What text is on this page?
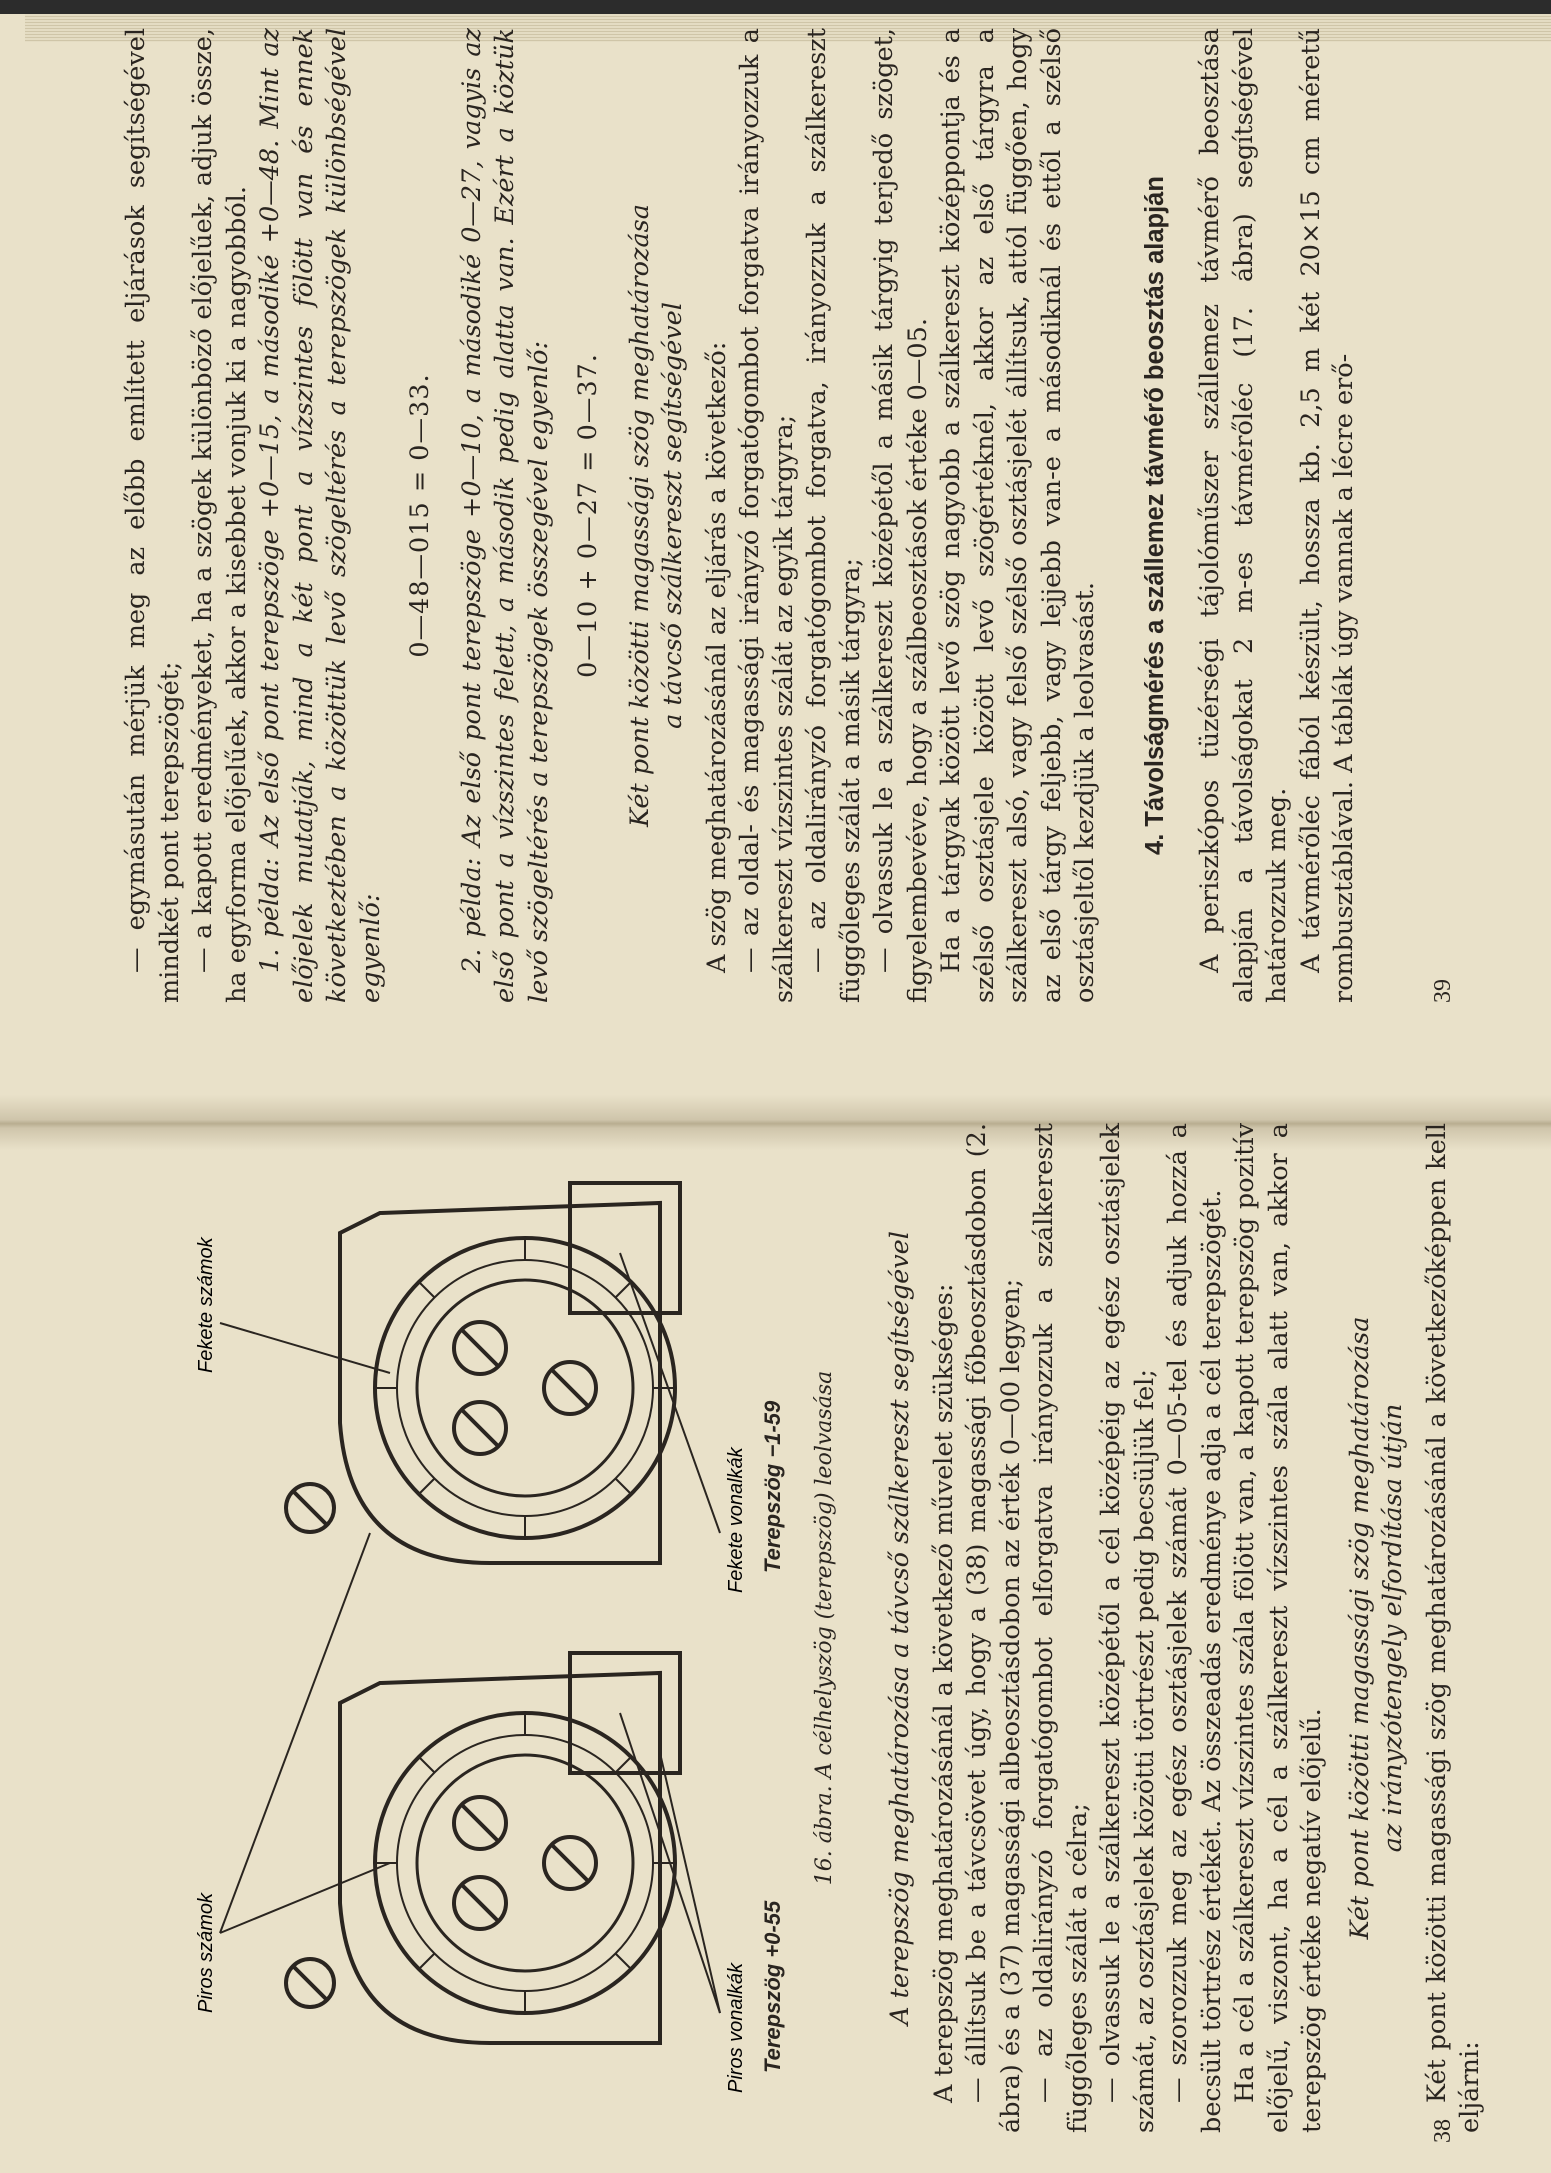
Piros számok
Fekete számok
Piros vonalkák
Fekete vonalkák
Terepszög +0-55
Terepszög −1-59 16. ábra. A célhelyszög (terepszög) leolvasása A terepszög meghatározása a távcső szálkereszt segítségével A terepszög meghatározásánál a következő művelet szükséges: — állítsuk be a távcsövet úgy, hogy a (38) magassági főbeosztásdobon (2. ábra) és a (37) magassági albeosztásdobon az érték 0—00 legyen; — az oldalirányzó forgatógombot elforgatva irányozzuk a szálkereszt függőleges szálát a célra; — olvassuk le a szálkereszt középétől a cél középéig az egész osztásjelek számát, az osztásjelek közötti törtrészt pedig becsüljük fel; — szorozzuk meg az egész osztásjelek számát 0—05-tel és adjuk hozzá a becsült törtrész értékét. Az összeadás eredménye adja a cél terepszögét. Ha a cél a szálkereszt vízszintes szála fölött van, a kapott terepszög pozitív előjelű, viszont, ha a cél a szálkereszt vízszintes szála alatt van, akkor a terepszög értéke negatív előjelű. Két pont közötti magassági szög meghatározása az irányzótengely elfordítása útján Két pont közötti magassági szög meghatározásánál a következőképpen kell eljárni:

38

— egymásután mérjük meg az előbb említett eljárások segítségével mindkét pont terepszögét; — a kapott eredményeket, ha a szögek különböző előjelűek, adjuk össze, ha egyforma előjelűek, akkor a kisebbet vonjuk ki a nagyobból. 1. példa: Az első pont terepszöge +0—15, a másodiké +0—48. Mint az előjelek mutatják, mind a két pont a vízszintes fölött van és ennek következtében a közöttük levő szögeltérés a terepszögek különbségével egyenlő:

0—48—015 = 0—33. 2. példa: Az első pont terepszöge +0—10, a másodiké 0—27, vagyis az első pont a vízszintes felett, a második pedig alatta van. Ezért a köztük levő szögeltérés a terepszögek összegével egyenlő: 0—10 + 0—27 = 0—37. Két pont közötti magassági szög meghatározása a távcső szálkereszt segítségével A szög meghatározásánál az eljárás a következő: — az oldal- és magassági irányzó forgatógombot forgatva irányozzuk a szálkereszt vízszintes szálát az egyik tárgyra; — az oldalirányzó forgatógombot forgatva, irányozzuk a szálkereszt függőleges szálát a másik tárgyra; — olvassuk le a szálkereszt középétől a másik tárgyig terjedő szöget, figyelembevéve, hogy a szálbeosztások értéke 0—05. Ha a tárgyak között levő szög nagyobb a szálkereszt középpontja és a szélső osztásjele között levő szögértéknél, akkor az első tárgyra a szálkereszt alsó, vagy felső szélső osztásjelét állítsuk, attól függően, hogy az első tárgy feljebb, vagy lejjebb van-e a másodiknál és ettől a szélső osztásjeltől kezdjük a leolvasást. 4. Távolságmérés a szállemez távmérő beosztás alapján A periszkópos tüzérségi tájolóműszer szállemez távmérő beosztása alapján a távolságokat 2 m-es távmérőléc (17. ábra) segítségével határozzuk meg. A távmérőléc fából készült, hossza kb. 2,5 m két 20×15 cm méretű rombusztáblával. A táblák úgy vannak a lécre erő-	39
